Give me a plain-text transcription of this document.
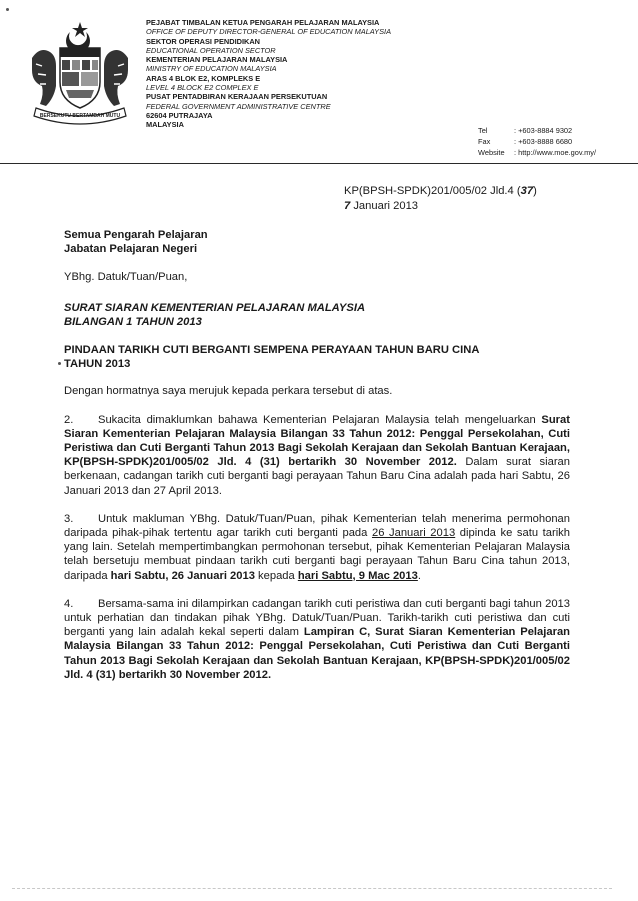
BERSEKUTU BERTAMBAH MUTU
PEJABAT TIMBALAN KETUA PENGARAH PELAJARAN MALAYSIA
OFFICE OF DEPUTY DIRECTOR-GENERAL OF EDUCATION MALAYSIA
SEKTOR OPERASI PENDIDIKAN
EDUCATIONAL OPERATION SECTOR
KEMENTERIAN PELAJARAN MALAYSIA
MINISTRY OF EDUCATION MALAYSIA
ARAS 4 BLOK E2, KOMPLEKS E
LEVEL 4 BLOCK E2 COMPLEX E
PUSAT PENTADBIRAN KERAJAAN PERSEKUTUAN
FEDERAL GOVERNMENT ADMINISTRATIVE CENTRE
62604 PUTRAJAYA
MALAYSIA
Tel	: +603-8884 9302
Fax	: +603-8888 6680
Website	: http://www.moe.gov.my/
KP(BPSH-SPDK)201/005/02 Jld.4 (37)
7 Januari 2013
Semua Pengarah Pelajaran
Jabatan Pelajaran Negeri
YBhg. Datuk/Tuan/Puan,
SURAT SIARAN KEMENTERIAN PELAJARAN MALAYSIA
BILANGAN 1 TAHUN 2013
PINDAAN TARIKH CUTI BERGANTI SEMPENA PERAYAAN TAHUN BARU CINA
TAHUN 2013
Dengan hormatnya saya merujuk kepada perkara tersebut di atas.
2. Sukacita dimaklumkan bahawa Kementerian Pelajaran Malaysia telah mengeluarkan Surat Siaran Kementerian Pelajaran Malaysia Bilangan 33 Tahun 2012: Penggal Persekolahan, Cuti Peristiwa dan Cuti Berganti Tahun 2013 Bagi Sekolah Kerajaan dan Sekolah Bantuan Kerajaan, KP(BPSH-SPDK)201/005/02 Jld. 4 (31) bertarikh 30 November 2012. Dalam surat siaran berkenaan, cadangan tarikh cuti berganti bagi perayaan Tahun Baru Cina adalah pada hari Sabtu, 26 Januari 2013 dan 27 April 2013.
3. Untuk makluman YBhg. Datuk/Tuan/Puan, pihak Kementerian telah menerima permohonan daripada pihak-pihak tertentu agar tarikh cuti berganti pada 26 Januari 2013 dipinda ke satu tarikh yang lain. Setelah mempertimbangkan permohonan tersebut, pihak Kementerian Pelajaran Malaysia telah bersetuju membuat pindaan tarikh cuti berganti bagi perayaan Tahun Baru Cina tahun 2013, daripada hari Sabtu, 26 Januari 2013 kepada hari Sabtu, 9 Mac 2013.
4. Bersama-sama ini dilampirkan cadangan tarikh cuti peristiwa dan cuti berganti bagi tahun 2013 untuk perhatian dan tindakan pihak YBhg. Datuk/Tuan/Puan. Tarikh-tarikh cuti peristiwa dan cuti berganti yang lain adalah kekal seperti dalam Lampiran C, Surat Siaran Kementerian Pelajaran Malaysia Bilangan 33 Tahun 2012: Penggal Persekolahan, Cuti Peristiwa dan Cuti Berganti Tahun 2013 Bagi Sekolah Kerajaan dan Sekolah Bantuan Kerajaan, KP(BPSH-SPDK)201/005/02 Jld. 4 (31) bertarikh 30 November 2012.
